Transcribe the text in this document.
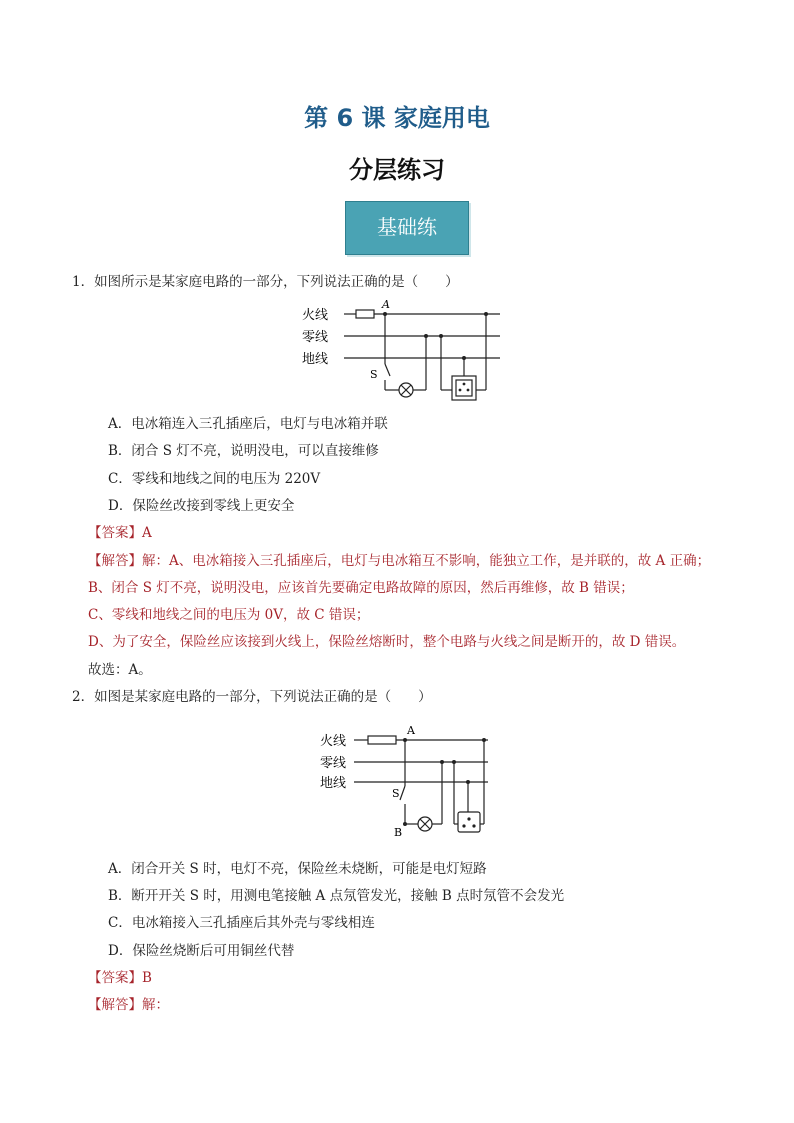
第 6 课 家庭用电
分层练习
基础练
1．如图所示是某家庭电路的一部分，下列说法正确的是（　　）
火线
零线
地线
A
S
A．电冰箱连入三孔插座后，电灯与电冰箱并联
B．闭合 S 灯不亮，说明没电，可以直接维修
C．零线和地线之间的电压为 220V
D．保险丝改接到零线上更安全
【答案】A
【解答】解：A、电冰箱接入三孔插座后，电灯与电冰箱互不影响，能独立工作，是并联的，故 A 正确；
B、闭合 S 灯不亮，说明没电，应该首先要确定电路故障的原因，然后再维修，故 B 错误；
C、零线和地线之间的电压为 0V，故 C 错误；
D、为了安全，保险丝应该接到火线上，保险丝熔断时，整个电路与火线之间是断开的，故 D 错误。
故选：A。
2．如图是某家庭电路的一部分，下列说法正确的是（　　）
火线
零线
地线
A
B
S
A．闭合开关 S 时，电灯不亮，保险丝未烧断，可能是电灯短路
B．断开开关 S 时，用测电笔接触 A 点氖管发光，接触 B 点时氖管不会发光
C．电冰箱接入三孔插座后其外壳与零线相连
D．保险丝烧断后可用铜丝代替
【答案】B
【解答】解：
